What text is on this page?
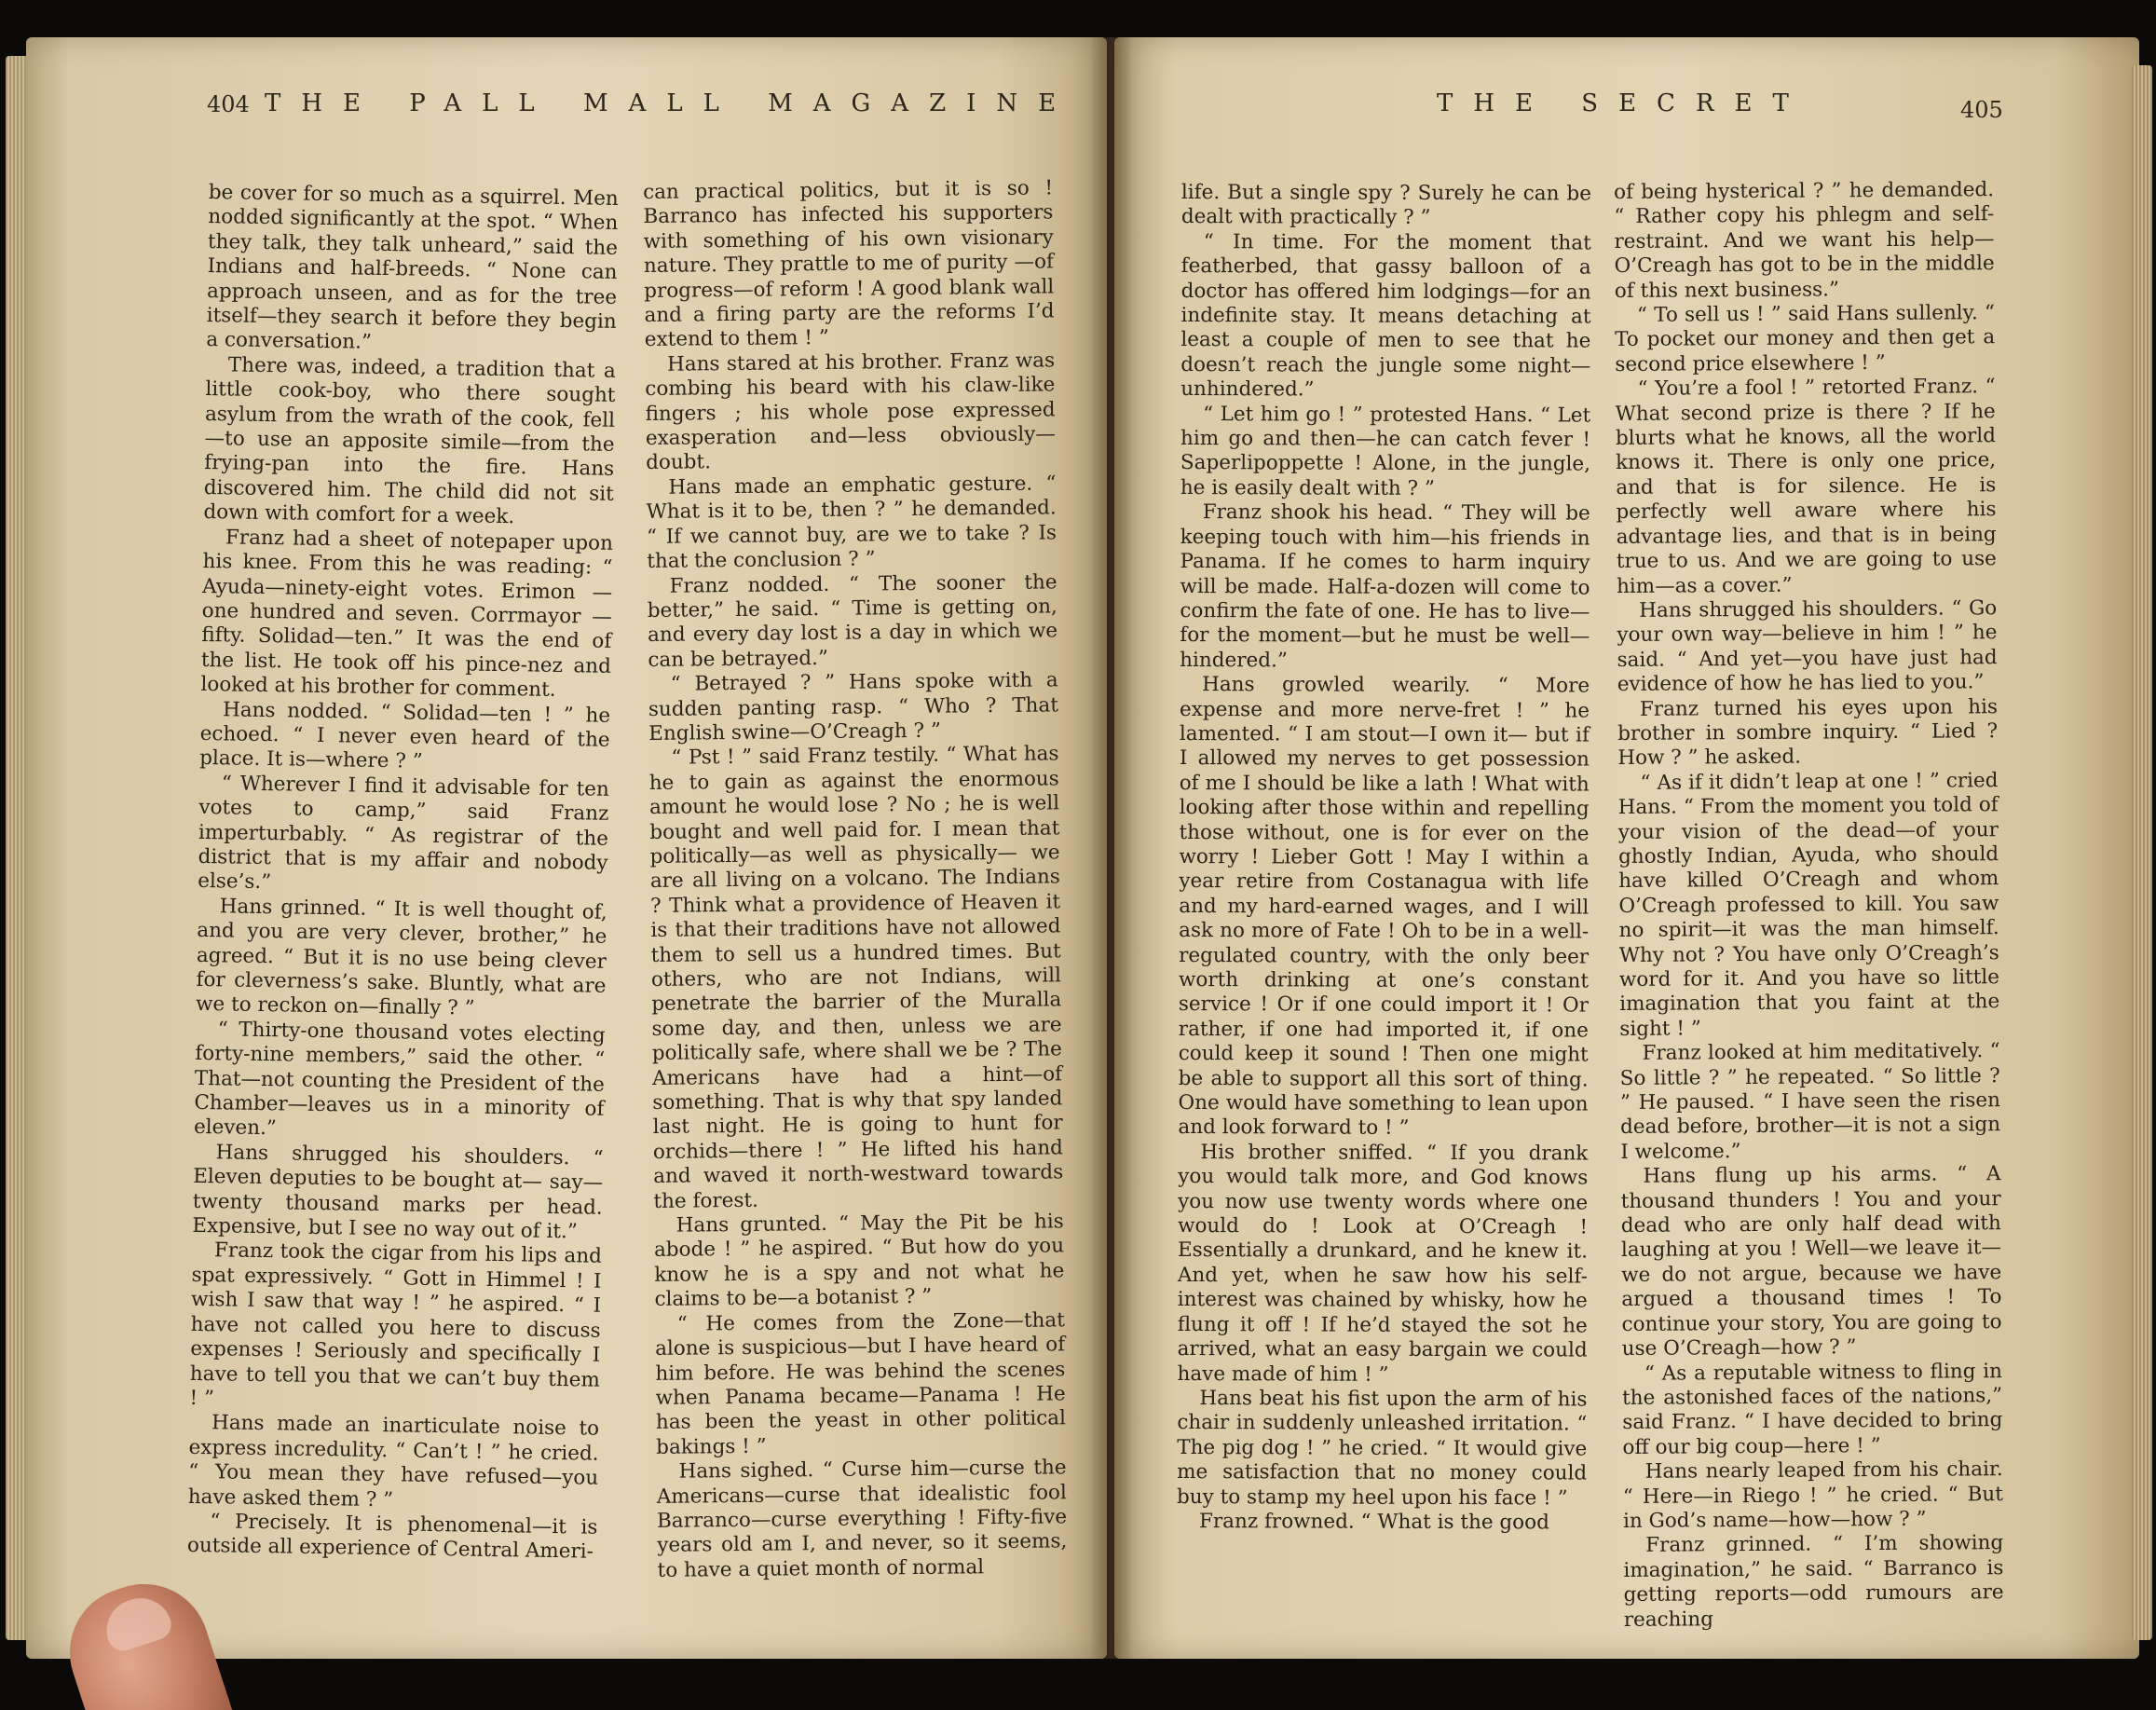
404 THE PALL MALL MAGAZINE	THE SECRET	405

be cover for so much as a squirrel. Men nodded significantly at the spot. “ When they talk, they talk unheard,” said the Indians and half-breeds. “ None can approach unseen, and as for the tree itself—they search it before they begin a conversation.”

There was, indeed, a tradition that a little cook-boy, who there sought asylum from the wrath of the cook, fell—to use an apposite simile—from the frying-pan into the fire. Hans discovered him. The child did not sit down with comfort for a week.

Franz had a sheet of notepaper upon his knee. From this he was reading: “ Ayuda—ninety-eight votes. Erimon —one hundred and seven. Corrmayor —fifty. Solidad—ten.” It was the end of the list. He took off his pince-nez and looked at his brother for comment.

Hans nodded. “ Solidad—ten ! ” he echoed. “ I never even heard of the place. It is—where ? ”

“ Wherever I find it advisable for ten votes to camp,” said Franz imperturbably. “ As registrar of the district that is my affair and nobody else’s.”

Hans grinned. “ It is well thought of, and you are very clever, brother,” he agreed. “ But it is no use being clever for cleverness’s sake. Bluntly, what are we to reckon on—finally ? ”

“ Thirty-one thousand votes electing forty-nine members,” said the other. “ That—not counting the President of the Chamber—leaves us in a minority of eleven.”

Hans shrugged his shoulders. “ Eleven deputies to be bought at— say—twenty thousand marks per head. Expensive, but I see no way out of it.”

Franz took the cigar from his lips and spat expressively. “ Gott in Himmel ! I wish I saw that way ! ” he aspired. “ I have not called you here to discuss expenses ! Seriously and specifically I have to tell you that we can’t buy them ! ”

Hans made an inarticulate noise to express incredulity. “ Can’t ! ” he cried. “ You mean they have refused—you have asked them ? ”

“ Precisely. It is phenomenal—it is outside all experience of Central Ameri-

can practical politics, but it is so ! Barranco has infected his supporters with something of his own visionary nature. They prattle to me of purity —of progress—of reform ! A good blank wall and a firing party are the reforms I’d extend to them ! ”

Hans stared at his brother. Franz was combing his beard with his claw-like fingers ; his whole pose expressed exasperation and—less obviously—doubt.

Hans made an emphatic gesture. “ What is it to be, then ? ” he demanded. “ If we cannot buy, are we to take ? Is that the conclusion ? ”

Franz nodded. “ The sooner the better,” he said. “ Time is getting on, and every day lost is a day in which we can be betrayed.”

“ Betrayed ? ” Hans spoke with a sudden panting rasp. “ Who ? That English swine—O’Creagh ? ”

“ Pst ! ” said Franz testily. “ What has he to gain as against the enormous amount he would lose ? No ; he is well bought and well paid for. I mean that politically—as well as physically— we are all living on a volcano. The Indians ? Think what a providence of Heaven it is that their traditions have not allowed them to sell us a hundred times. But others, who are not Indians, will penetrate the barrier of the Muralla some day, and then, unless we are politically safe, where shall we be ? The Americans have had a hint—of something. That is why that spy landed last night. He is going to hunt for orchids—there ! ” He lifted his hand and waved it north-westward towards the forest.

Hans grunted. “ May the Pit be his abode ! ” he aspired. “ But how do you know he is a spy and not what he claims to be—a botanist ? ”

“ He comes from the Zone—that alone is suspicious—but I have heard of him before. He was behind the scenes when Panama became—Panama ! He has been the yeast in other political bakings ! ”

Hans sighed. “ Curse him—curse the Americans—curse that idealistic fool Barranco—curse everything ! Fifty-five years old am I, and never, so it seems, to have a quiet month of normal

life. But a single spy ? Surely he can be dealt with practically ? ”

“ In time. For the moment that featherbed, that gassy balloon of a doctor has offered him lodgings—for an indefinite stay. It means detaching at least a couple of men to see that he doesn’t reach the jungle some night— unhindered.”

“ Let him go ! ” protested Hans. “ Let him go and then—he can catch fever ! Saperlipoppette ! Alone, in the jungle, he is easily dealt with ? ”

Franz shook his head. “ They will be keeping touch with him—his friends in Panama. If he comes to harm inquiry will be made. Half-a-dozen will come to confirm the fate of one. He has to live—for the moment—but he must be well—hindered.”

Hans growled wearily. “ More expense and more nerve-fret ! ” he lamented. “ I am stout—I own it— but if I allowed my nerves to get possession of me I should be like a lath ! What with looking after those within and repelling those without, one is for ever on the worry ! Lieber Gott ! May I within a year retire from Costanagua with life and my hard-earned wages, and I will ask no more of Fate ! Oh to be in a well-regulated country, with the only beer worth drinking at one’s constant service ! Or if one could import it ! Or rather, if one had imported it, if one could keep it sound ! Then one might be able to support all this sort of thing. One would have something to lean upon and look forward to ! ”

His brother sniffed. “ If you drank you would talk more, and God knows you now use twenty words where one would do ! Look at O’Creagh ! Essentially a drunkard, and he knew it. And yet, when he saw how his self-interest was chained by whisky, how he flung it off ! If he’d stayed the sot he arrived, what an easy bargain we could have made of him ! ”

Hans beat his fist upon the arm of his chair in suddenly unleashed irritation. “ The pig dog ! ” he cried. “ It would give me satisfaction that no money could buy to stamp my heel upon his face ! ”

Franz frowned. “ What is the good

of being hysterical ? ” he demanded. “ Rather copy his phlegm and self-restraint. And we want his help— O’Creagh has got to be in the middle of this next business.”

“ To sell us ! ” said Hans sullenly. “ To pocket our money and then get a second price elsewhere ! ”

“ You’re a fool ! ” retorted Franz. “ What second prize is there ? If he blurts what he knows, all the world knows it. There is only one price, and that is for silence. He is perfectly well aware where his advantage lies, and that is in being true to us. And we are going to use him—as a cover.”

Hans shrugged his shoulders. “ Go your own way—believe in him ! ” he said. “ And yet—you have just had evidence of how he has lied to you.”

Franz turned his eyes upon his brother in sombre inquiry. “ Lied ? How ? ” he asked.

“ As if it didn’t leap at one ! ” cried Hans. “ From the moment you told of your vision of the dead—of your ghostly Indian, Ayuda, who should have killed O’Creagh and whom O’Creagh professed to kill. You saw no spirit—it was the man himself. Why not ? You have only O’Creagh’s word for it. And you have so little imagination that you faint at the sight ! ”

Franz looked at him meditatively. “ So little ? ” he repeated. “ So little ? ” He paused. “ I have seen the risen dead before, brother—it is not a sign I welcome.”

Hans flung up his arms. “ A thousand thunders ! You and your dead who are only half dead with laughing at you ! Well—we leave it—we do not argue, because we have argued a thousand times ! To continue your story, You are going to use O’Creagh—how ? ”

“ As a reputable witness to fling in the astonished faces of the nations,” said Franz. “ I have decided to bring off our big coup—here ! ”

Hans nearly leaped from his chair. “ Here—in Riego ! ” he cried. “ But in God’s name—how—how ? ”

Franz grinned. “ I’m showing imagination,” he said. “ Barranco is getting reports—odd rumours are reaching
